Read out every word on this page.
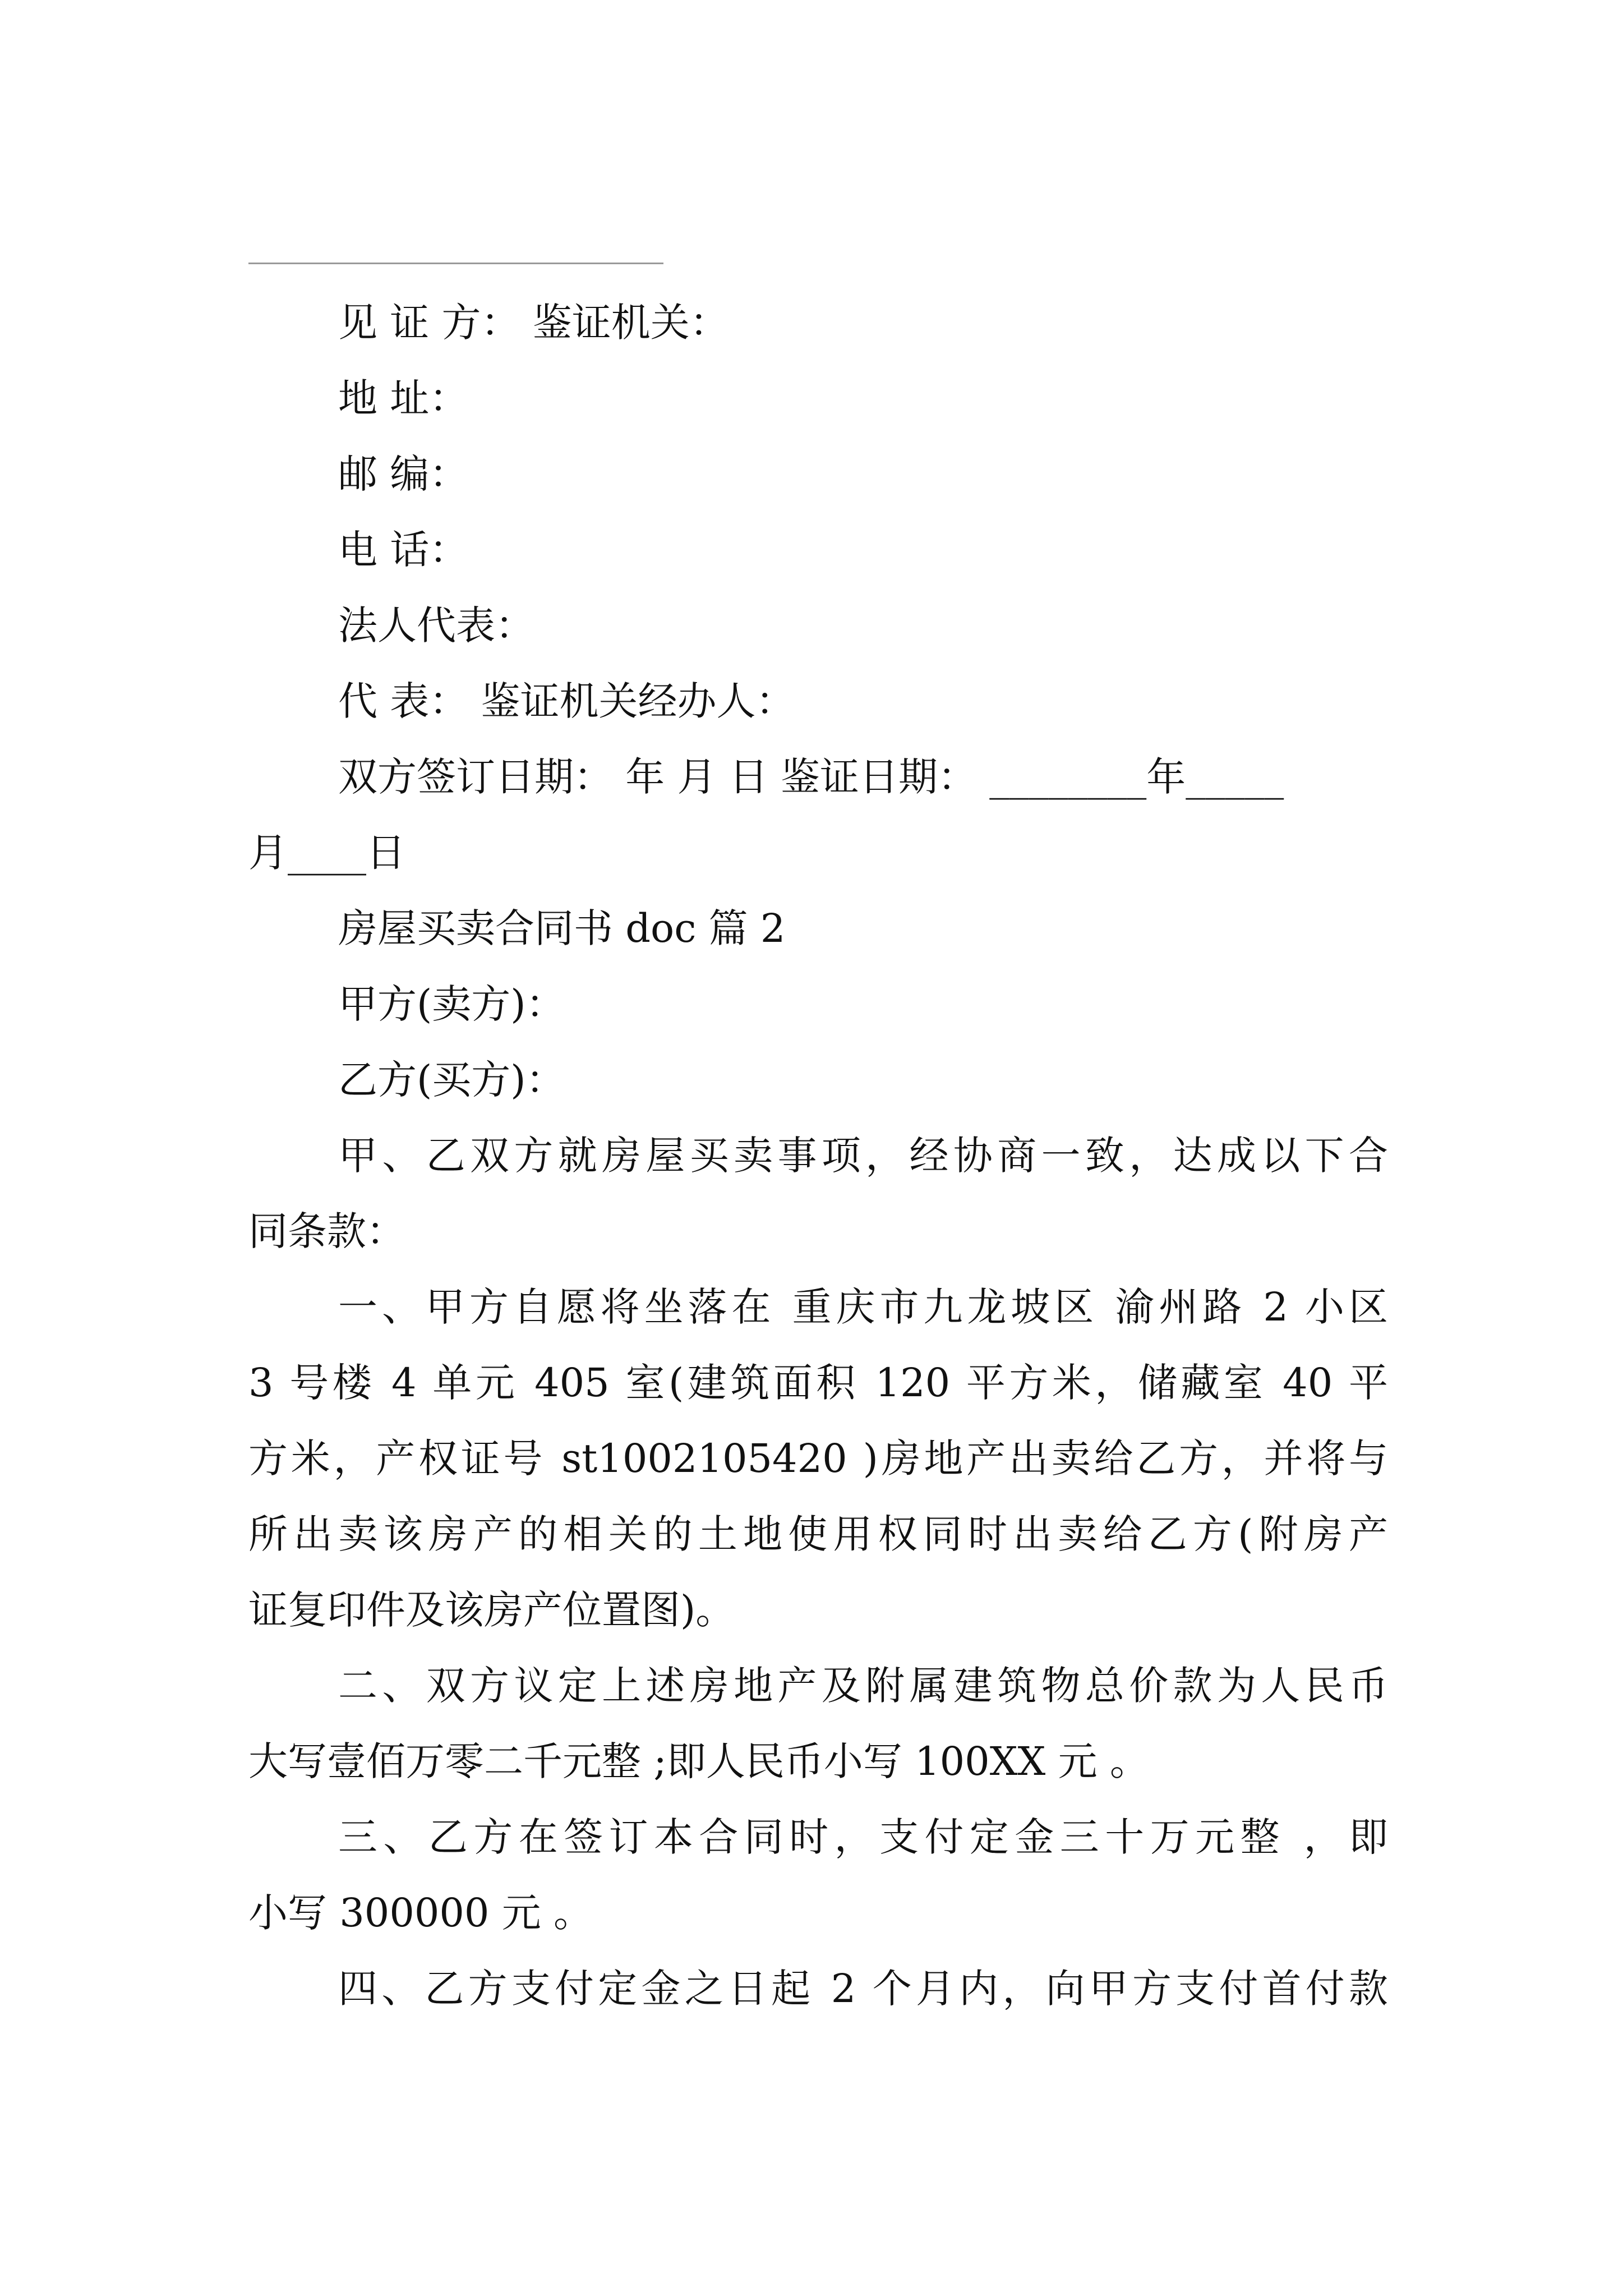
见 证 方： 鉴证机关：
地 址：
邮 编：
电 话：
法人代表：
代 表： 鉴证机关经办人：
双方签订日期： 年 月 日 鉴证日期： ________年_____
月____日
房屋买卖合同书 doc 篇 2
甲方(卖方)：
乙方(买方)：
甲、乙双方就房屋买卖事项，经协商一致，达成以下合
同条款：
一、甲方自愿将坐落在 重庆市九龙坡区 渝州路 2 小区
3 号楼 4 单元 405 室(建筑面积 120 平方米，储藏室 40 平
方米，产权证号 st1002105420 )房地产出卖给乙方，并将与
所出卖该房产的相关的土地使用权同时出卖给乙方(附房产
证复印件及该房产位置图)。
二、双方议定上述房地产及附属建筑物总价款为人民币
大写壹佰万零二千元整 ;即人民币小写 100XX 元 。
三、乙方在签订本合同时，支付定金三十万元整 ，即
小写 300000 元 。
四、乙方支付定金之日起 2 个月内，向甲方支付首付款
